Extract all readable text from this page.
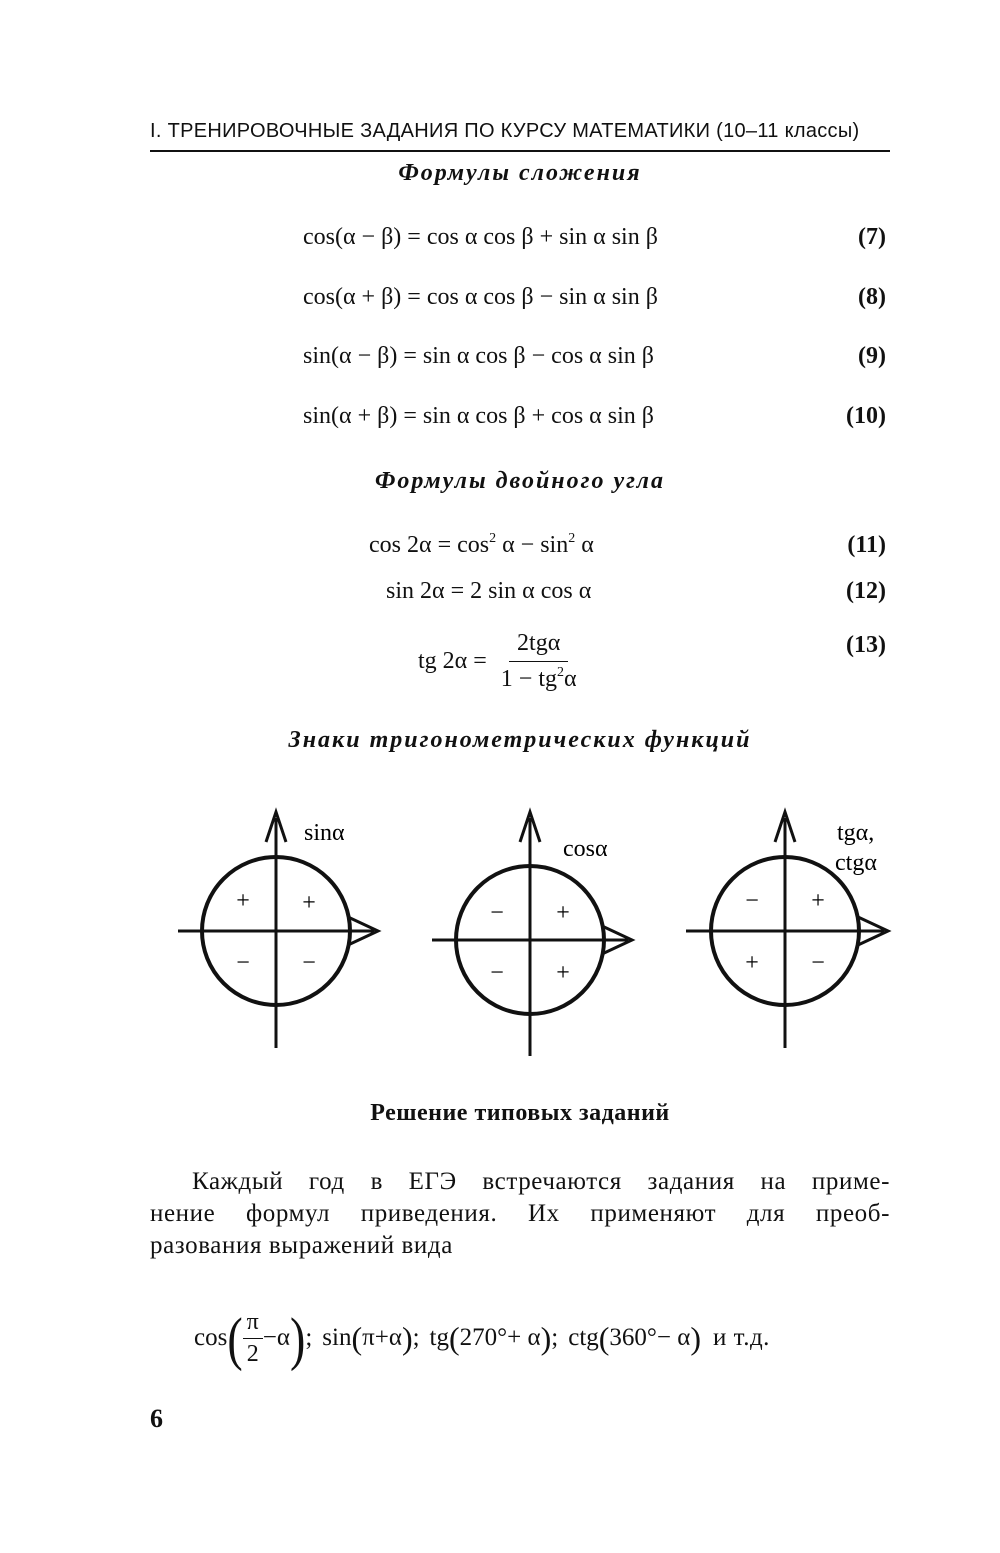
I. ТРЕНИРОВОЧНЫЕ ЗАДАНИЯ ПО КУРСУ МАТЕМАТИКИ (10–11 классы)
Формулы сложения
cos(α − β) = cos α cos β + sin α sin β	(7)
cos(α + β) = cos α cos β − sin α sin β	(8)
sin(α − β) = sin α cos β − cos α sin β	(9)
sin(α + β) = sin α cos β + cos α sin β	(10)
Формулы двойного угла
$\cos 2\alpha = \cos^2 \alpha - \sin^2 \alpha$	(11)
sin 2α = 2 sin α cos α	(12)
tg $2\alpha = \frac{\text{2tgα}}{1 - tg^2\alpha}$	(13)
Знаки тригонометрических функций
sinα
+
+
− −
cosα
+
−
− +
tgα,
ctgα
+
−
+ −
Решение типовых заданий

Каждый год в ЕГЭ встречаются задания на приме-

нение формул приведения. Их применяют для преоб-

разования выражений вида

cos ( $\frac{\pi}{2} -\alpha$ ) ; sin ( π+α ) ; tg ( 270°+ α ) ; ctg ( 360°− α ) и т.д.
6
